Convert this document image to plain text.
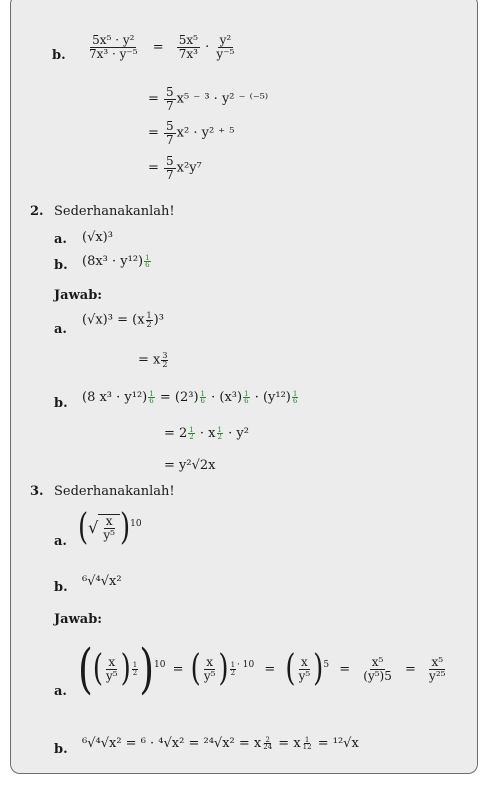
b. $\frac{\text{5x⁵ · y²}}{\text{7x³ · y⁻⁵}} = \frac{\text{5x⁵}}{\text{7x³}} \cdot \frac{\text{y²}}{\text{y⁻⁵}}$
= $\frac{5}{7} x^5$ ⁻ ³ · y² ⁻ ⁽⁻⁵⁾
= $\frac{5}{7} x^2 \cdot y^2$ ⁺ ⁵
= $\frac{5}{7} x^2y^7$
2. Sederhanakanlah!
a. (√x)³
b. $(8x^3 \cdot y^{12}) \frac{1}{6}$
Jawab:
a.
$(√x)^3 = (x \frac{1}{2} )^3$
= x $\frac{3}{2}$
b. (8 $x^3 \cdot y^{12}) \frac{1}{6} = (2^3) \frac{1}{6} \cdot (x^3) \frac{1}{6} \cdot (y^{12}) \frac{1}{6}$
= $2 \frac{1}{2} \cdot x \frac{1}{2} \cdot y^2$
= y²√2x
3. Sederhanakanlah!
a. (√ $\frac{x}{\text{y⁵}} )^{10}$
b. ⁶√⁴√x²
Jawab:
a. (( $\frac{x}{\text{y⁵}}$ ) $\frac{1}{2} )^{10}$ = ( $\frac{x}{\text{y⁵}}$ ) $\frac{1}{2} ^{\cdot 10}$ = ( $\frac{x}{\text{y⁵}} )^5 = \frac{\text{x⁵}}{\text{(y⁵)5}} = \frac{\text{x⁵}}{\text{y²⁵}}$
b. ⁶√⁴√x² = ⁶ · ⁴√x² = ²⁴√x² = x $\frac{2}{24} = x \frac{1}{12} = ^{12}√x$
